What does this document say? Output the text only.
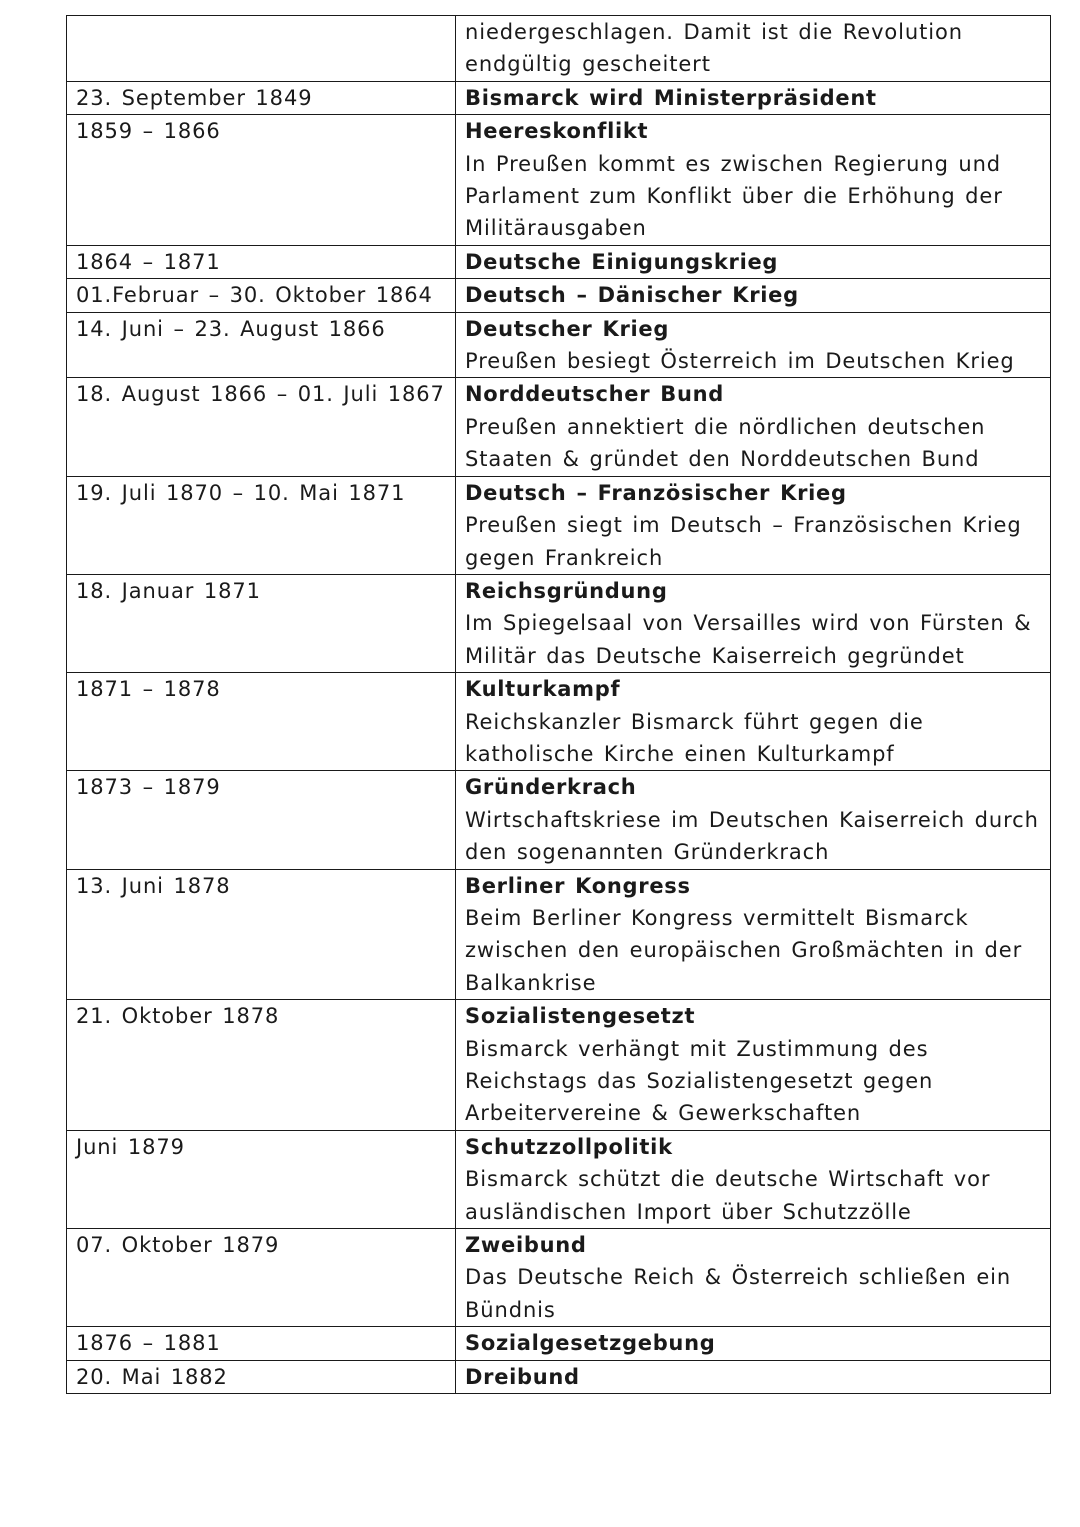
	niedergeschlagen. Damit ist die Revolution endgültig gescheitert

23. September 1849	Bismarck wird Ministerpräsident

1859 – 1866	Heereskonflikt
In Preußen kommt es zwischen Regierung und Parlament zum Konflikt über die Erhöhung der Militärausgaben

1864 – 1871	Deutsche Einigungskrieg

01.Februar – 30. Oktober 1864	Deutsch – Dänischer Krieg

14. Juni – 23. August 1866	Deutscher Krieg
Preußen besiegt Österreich im Deutschen Krieg

18. August 1866 – 01. Juli 1867	Norddeutscher Bund
Preußen annektiert die nördlichen deutschen Staaten & gründet den Norddeutschen Bund

19. Juli 1870 – 10. Mai 1871	Deutsch – Französischer Krieg
Preußen siegt im Deutsch – Französischen Krieg gegen Frankreich

18. Januar 1871	Reichsgründung
Im Spiegelsaal von Versailles wird von Fürsten & Militär das Deutsche Kaiserreich gegründet

1871 – 1878	Kulturkampf
Reichskanzler Bismarck führt gegen die katholische Kirche einen Kulturkampf

1873 – 1879	Gründerkrach
Wirtschaftskriese im Deutschen Kaiserreich durch den sogenannten Gründerkrach

13. Juni 1878	Berliner Kongress
Beim Berliner Kongress vermittelt Bismarck zwischen den europäischen Großmächten in der Balkankrise

21. Oktober 1878	Sozialistengesetzt
Bismarck verhängt mit Zustimmung des Reichstags das Sozialistengesetzt gegen Arbeitervereine & Gewerkschaften

Juni 1879	Schutzzollpolitik
Bismarck schützt die deutsche Wirtschaft vor ausländischen Import über Schutzzölle

07. Oktober 1879	Zweibund
Das Deutsche Reich & Österreich schließen ein Bündnis

1876 – 1881	Sozialgesetzgebung

20. Mai 1882	Dreibund
